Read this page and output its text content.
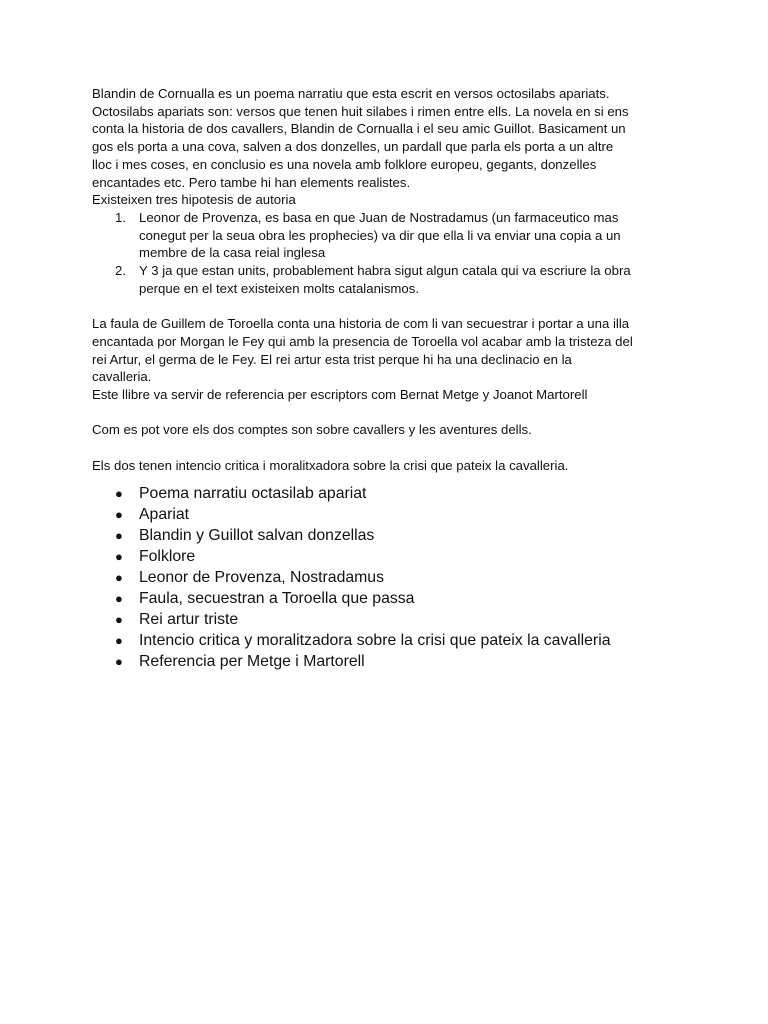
Blandin de Cornualla es un poema narratiu que esta escrit en versos octosilabs apariats.
Octosilabs apariats son: versos que tenen huit silabes i rimen entre ells. La novela en si ens
conta la historia de dos cavallers, Blandin de Cornualla i el seu amic Guillot. Basicament un
gos els porta a una cova, salven a dos donzelles, un pardall que parla els porta a un altre
lloc i mes coses, en conclusio es una novela amb folklore europeu, gegants, donzelles
encantades etc. Pero tambe hi han elements realistes.
Existeixen tres hipotesis de autoria
1. Leonor de Provenza, es basa en que Juan de Nostradamus (un farmaceutico mas
conegut per la seua obra les prophecies) va dir que ella li va enviar una copia a un
membre de la casa reial inglesa
2. Y 3 ja que estan units, probablement habra sigut algun catala qui va escriure la obra
perque en el text existeixen molts catalanismos.
La faula de Guillem de Toroella conta una historia de com li van secuestrar i portar a una illa
encantada por Morgan le Fey qui amb la presencia de Toroella vol acabar amb la tristeza del
rei Artur, el germa de le Fey. El rei artur esta trist perque hi ha una declinacio en la
cavalleria.
Este llibre va servir de referencia per escriptors com Bernat Metge y Joanot Martorell
Com es pot vore els dos comptes son sobre cavallers y les aventures dells.
Els dos tenen intencio critica i moralitxadora sobre la crisi que pateix la cavalleria.
● Poema narratiu octasilab apariat
● Apariat
● Blandin y Guillot salvan donzellas
● Folklore
● Leonor de Provenza, Nostradamus
● Faula, secuestran a Toroella que passa
● Rei artur triste
● Intencio critica y moralitzadora sobre la crisi que pateix la cavalleria
● Referencia per Metge i Martorell
